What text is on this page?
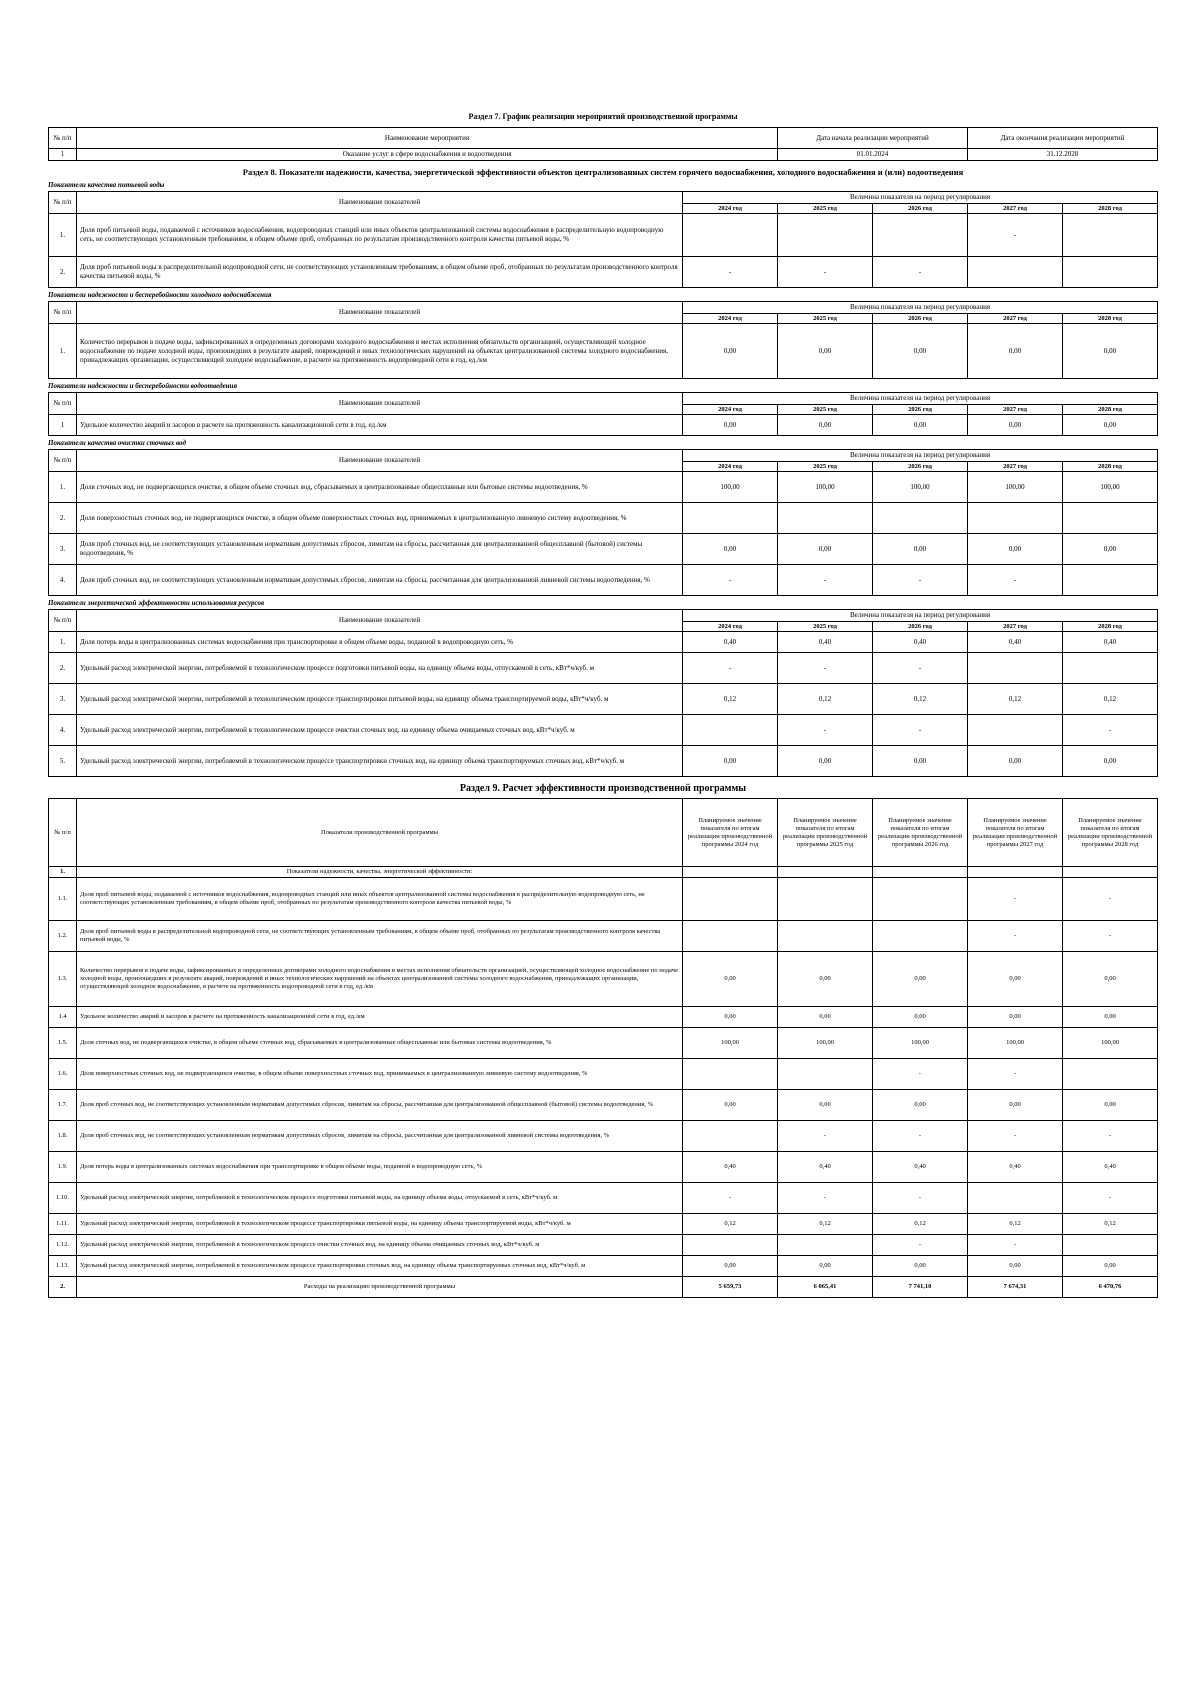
Раздел 7. График реализации мероприятий производственной программы
№ п/п	Наименование мероприятия	Дата начала реализации мероприятий	Дата окончания реализации мероприятий
1	Оказание услуг в сфере водоснабжения и водоотведения	01.01.2024	31.12.2028
Раздел 8. Показатели надежности, качества, энергетической эффективности объектов централизованных систем горячего водоснабжения, холодного водоснабжения и (или) водоотведения
Показатели качества питьевой воды
№ п/п	Наименование показателей	Величина показателя на период регулирования				
		2024 год	2025 год	2026 год	2027 год	2028 год
1.	Доля проб питьевой воды, подаваемой с источников водоснабжения, водопроводных станций или иных объектов централизованной системы водоснабжения в распределительную водопроводную сеть, не соответствующих установленным требованиям, в общем объеме проб, отобранных по результатам производственного контроля качества питьевой воды, %				-	
2.	Доля проб питьевой воды в распределительной водопроводной сети, не соответствующих установленным требованиям, в общем объеме проб, отобранных по результатам производственного контроля качества питьевой воды, %	-	-	-		
Показатели надежности и бесперебойности холодного водоснабжения
№ п/п	Наименование показателей	Величина показателя на период регулирования				
		2024 год	2025 год	2026 год	2027 год	2028 год
1.	Количество перерывов в подаче воды, зафиксированных в определенных договорами холодного водоснабжения в местах исполнения обязательств организацией, осуществляющей холодное водоснабжение по подаче холодной воды, произошедших в результате аварий, повреждений и иных технологических нарушений на объектах централизованной системы холодного водоснабжения, принадлежащих организации, осуществляющей холодное водоснабжение, в расчете на протяженность водопроводной сети в год, ед./км	0,00	0,00	0,00	0,00	0,00
Показатели надежности и бесперебойности водоотведения
№ п/п	Наименование показателей	Величина показателя на период регулирования				
		2024 год	2025 год	2026 год	2027 год	2028 год
1	Удельное количество аварий и засоров в расчете на протяженность канализационной сети в год, ед./км	0,00	0,00	0,00	0,00	0,00
Показатели качества очистки сточных вод
№ п/п	Наименование показателей	Величина показателя на период регулирования				
		2024 год	2025 год	2026 год	2027 год	2028 год
1.	Доля сточных вод, не подвергающихся очистке, в общем объеме сточных вод, сбрасываемых в централизованные общесплавные или бытовые системы водоотведения, %	100,00	100,00	100,00	100,00	100,00
2.	Доля поверхностных сточных вод, не подвергающихся очистке, в общем объеме поверхностных сточных вод, принимаемых в централизованную ливневую систему водоотведения, %					
3.	Доля проб сточных вод, не соответствующих установленным нормативам допустимых сбросов, лимитам на сбросы, рассчитанная для централизованной общесплавной (бытовой) системы водоотведения, %	0,00	0,00	0,00	0,00	0,00
4.	Доля проб сточных вод, не соответствующих установленным нормативам допустимых сбросов, лимитам на сбросы, рассчитанная для централизованной ливневой системы водоотведения, %	-	-	-	-	
Показатели энергетической эффективности использования ресурсов
№ п/п	Наименование показателей	Величина показателя на период регулирования				
		2024 год	2025 год	2026 год	2027 год	2028 год
1.	Доля потерь воды в централизованных системах водоснабжения при транспортировке в общем объеме воды, поданной в водопроводную сеть, %	0,40	0,40	0,40	0,40	0,40
2.	Удельный расход электрической энергии, потребляемой в технологическом процессе подготовки питьевой воды, на единицу объема воды, отпускаемой в сеть, кВт*ч/куб. м	-	-	-		
3.	Удельный расход электрической энергии, потребляемой в технологическом процессе транспортировки питьевой воды, на единицу объема транспортируемой воды, кВт*ч/куб. м	0,12	0,12	0,12	0,12	0,12
4.	Удельный расход электрической энергии, потребляемой в технологическом процессе очистки сточных вод, на единицу объема очищаемых сточных вод, кВт*ч/куб. м		-	-		-
5.	Удельный расход электрической энергии, потребляемой в технологическом процессе транспортировки сточных вод, на единицу объема транспортируемых сточных вод, кВт*ч/куб. м	0,00	0,00	0,00	0,00	0,00
Раздел 9. Расчет эффективности производственной программы
№ п/п	Показатели производственной программы	Планируемое значение показателя по итогам реализации производственной программы 2024 год	Планируемое значение показателя по итогам реализации производственной программы 2025 год	Планируемое значение показателя по итогам реализации производственной программы 2026 год	Планируемое значение показателя по итогам реализации производственной программы 2027 год	Планируемое значение показателя по итогам реализации производственной программы 2028 год
1.	Показатели надежности, качества, энергетической эффективности:					
1.1.	Доля проб питьевой воды, подаваемой с источников водоснабжения, водопроводных станций или иных объектов централизованной системы водоснабжения в распределительную водопроводную сеть, не соответствующих установленным требованиям, в общем объеме проб, отобранных по результатам производственного контроля качества питьевой воды, %				-	-
1.2.	Доля проб питьевой воды в распределительной водопроводной сети, не соответствующих установленным требованиям, в общем объеме проб, отобранных по результатам производственного контроля качества питьевой воды, %				-	-
1.3.	Количество перерывов в подаче воды, зафиксированных в определенных договорами холодного водоснабжения в местах исполнения обязательств организацией, осуществляющей холодное водоснабжение по подаче холодной воды, произошедших в результате аварий, повреждений и иных технологических нарушений на объектах централизованной системы холодного водоснабжения, принадлежащих организации, осуществляющей холодное водоснабжение, в расчете на протяженность водопроводной сети в год, ед./км	0,00	0,00	0,00	0,00	0,00
1.4	Удельное количество аварий и засоров в расчете на протяженность канализационной сети в год, ед./км	0,00	0,00	0,00	0,00	0,00
1.5.	Доля сточных вод, не подвергающихся очистке, в общем объеме сточных вод, сбрасываемых в централизованные общесплавные или бытовые системы водоотведения, %	100,00	100,00	100,00	100,00	100,00
1.6.	Доля поверхностных сточных вод, не подвергающихся очистке, в общем объеме поверхностных сточных вод, принимаемых в централизованную ливневую систему водоотведения, %			-	-	
1.7.	Доля проб сточных вод, не соответствующих установленным нормативам допустимых сбросов, лимитам на сбросы, рассчитанная для централизованной общесплавной (бытовой) системы водоотведения, %	0,00	0,00	0,00	0,00	0,00
1.8.	Доля проб сточных вод, не соответствующих установленным нормативам допустимых сбросов, лимитам на сбросы, рассчитанная для централизованной ливневой системы водоотведения, %		-	-	-	-
1.9.	Доля потерь воды в централизованных системах водоснабжения при транспортировке в общем объеме воды, поданной в водопроводную сеть, %	0,40	0,40	0,40	0,40	0,40
1.10.	Удельный расход электрической энергии, потребляемой в технологическом процессе подготовки питьевой воды, на единицу объема воды, отпускаемой в сеть, кВт*ч/куб. м	-	-	-		-
1.11.	Удельный расход электрической энергии, потребляемой в технологическом процессе транспортировки питьевой воды, на единицу объема транспортируемой воды, кВт*ч/куб. м	0,12	0,12	0,12	0,12	0,12
1.12.	Удельный расход электрической энергии, потребляемой в технологическом процессе очистки сточных вод, на единицу объема очищаемых сточных вод, кВт*ч/куб. м			-	-	
1.13.	Удельный расход электрической энергии, потребляемой в технологическом процессе транспортировки сточных вод, на единицу объема транспортируемых сточных вод, кВт*ч/куб. м	0,00	0,00	0,00	0,00	0,00
2.	Расходы на реализацию производственной программы	5 659,73	6 065,41	7 741,10	7 674,31	6 470,76
